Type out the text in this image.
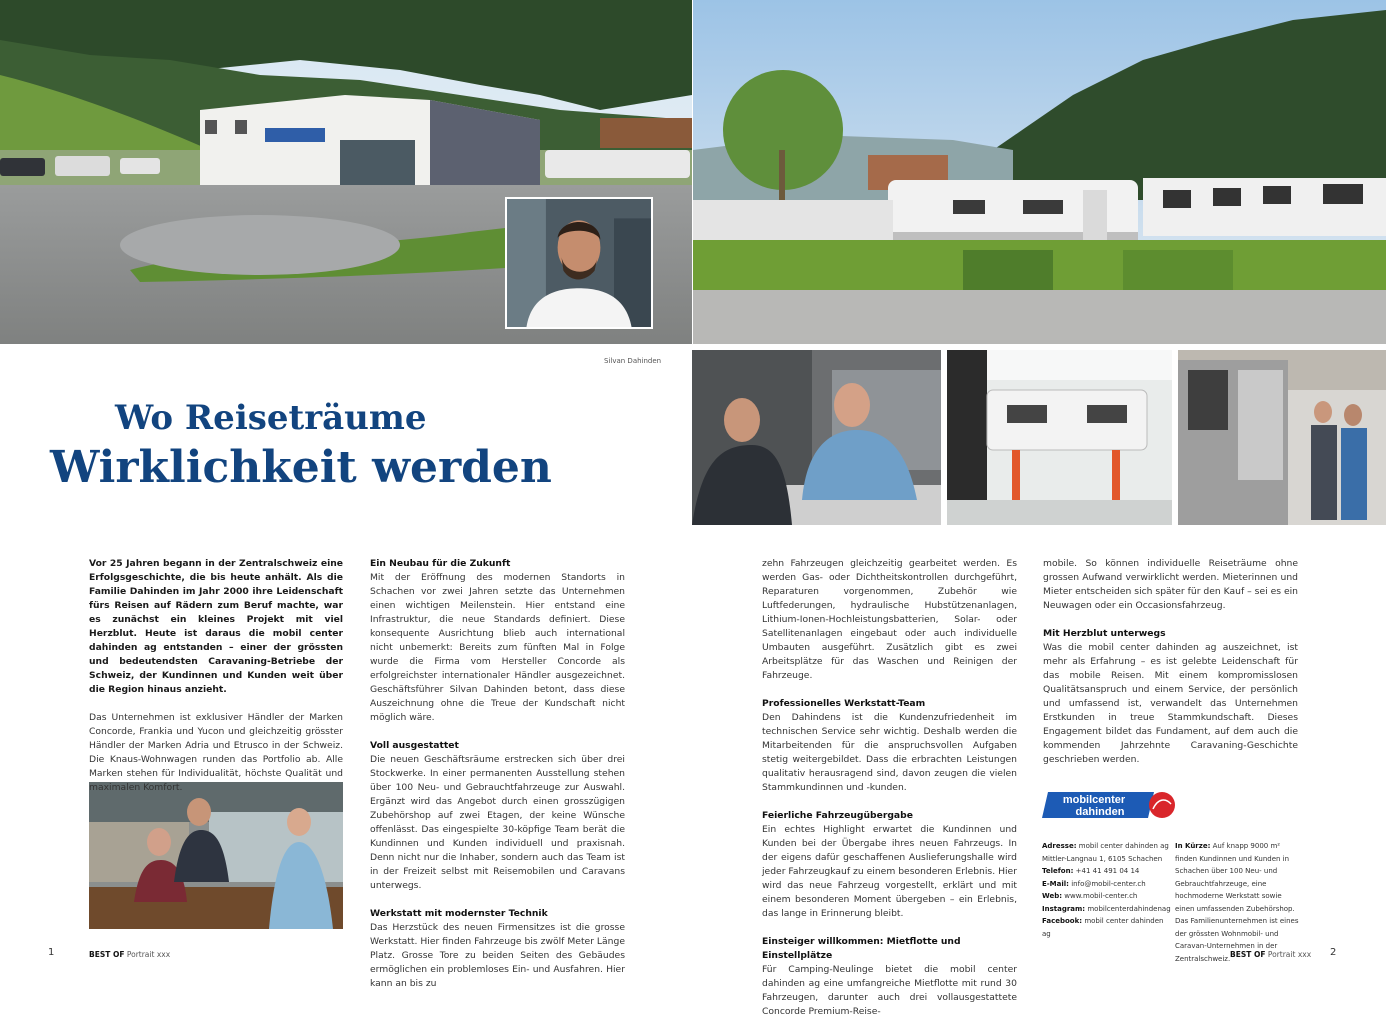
Silvan Dahinden
Wo Reiseträume
Wirklichkeit werden

Vor 25 Jahren begann in der Zentralschweiz eine Erfolgsgeschichte, die bis heute anhält. Als die Familie Dahinden im Jahr 2000 ihre Leidenschaft fürs Reisen auf Rädern zum Beruf machte, war es zunächst ein kleines Projekt mit viel Herzblut. Heute ist daraus die mobil center dahinden ag entstanden – einer der grössten und bedeutendsten Caravaning-Betriebe der Schweiz, der Kundinnen und Kunden weit über die Region hinaus anzieht.

Das Unternehmen ist exklusiver Händler der Marken Concorde, Frankia und Yucon und gleichzeitig grösster Händler der Marken Adria und Etrusco in der Schweiz. Die Knaus-Wohnwagen runden das Portfolio ab. Alle Marken stehen für Individualität, höchste Qualität und maximalen Komfort.

Ein Neubau für die Zukunft

Mit der Eröffnung des modernen Standorts in Schachen vor zwei Jahren setzte das Unternehmen einen wichtigen Meilenstein. Hier entstand eine Infrastruktur, die neue Standards definiert. Diese konsequente Ausrichtung blieb auch international nicht unbemerkt: Bereits zum fünften Mal in Folge wurde die Firma vom Hersteller Concorde als erfolgreichster internationaler Händler ausgezeichnet. Geschäftsführer Silvan Dahinden betont, dass diese Auszeichnung ohne die Treue der Kundschaft nicht möglich wäre.

Voll ausgestattet

Die neuen Geschäftsräume erstrecken sich über drei Stockwerke. In einer permanenten Ausstellung stehen über 100 Neu- und Gebrauchtfahrzeuge zur Auswahl. Ergänzt wird das Angebot durch einen grosszügigen Zubehörshop auf zwei Etagen, der keine Wünsche offenlässt. Das eingespielte 30-köpfige Team berät die Kundinnen und Kunden individuell und praxisnah. Denn nicht nur die Inhaber, sondern auch das Team ist in der Freizeit selbst mit Reisemobilen und Caravans unterwegs.

Werkstatt mit modernster Technik

Das Herzstück des neuen Firmensitzes ist die grosse Werkstatt. Hier finden Fahrzeuge bis zwölf Meter Länge Platz. Grosse Tore zu beiden Seiten des Gebäudes ermöglichen ein problemloses Ein- und Ausfahren. Hier kann an bis zu

zehn Fahrzeugen gleichzeitig gearbeitet werden. Es werden Gas- oder Dichtheitskontrollen durchgeführt, Reparaturen vorgenommen, Zubehör wie Luftfederungen, hydraulische Hubstützenanlagen, Lithium-Ionen-Hochleistungsbatterien, Solar- oder Satellitenanlagen eingebaut oder auch individuelle Umbauten ausgeführt. Zusätzlich gibt es zwei Arbeitsplätze für das Waschen und Reinigen der Fahrzeuge.

Professionelles Werkstatt-Team

Den Dahindens ist die Kundenzufriedenheit im technischen Service sehr wichtig. Deshalb werden die Mitarbeitenden für die anspruchsvollen Aufgaben stetig weitergebildet. Dass die erbrachten Leistungen qualitativ herausragend sind, davon zeugen die vielen Stammkundinnen und -kunden.

Feierliche Fahrzeugübergabe

Ein echtes Highlight erwartet die Kundinnen und Kunden bei der Übergabe ihres neuen Fahrzeugs. In der eigens dafür geschaffenen Auslieferungshalle wird jeder Fahrzeugkauf zu einem besonderen Erlebnis. Hier wird das neue Fahrzeug vorgestellt, erklärt und mit einem besonderen Moment übergeben – ein Erlebnis, das lange in Erinnerung bleibt.

Einsteiger willkommen: Mietflotte und Einstellplätze

Für Camping-Neulinge bietet die mobil center dahinden ag eine umfangreiche Mietflotte mit rund 30 Fahrzeugen, darunter auch drei vollausgestattete Concorde Premium-Reise-

mobile. So können individuelle Reiseträume ohne grossen Aufwand verwirklicht werden. Mieterinnen und Mieter entscheiden sich später für den Kauf – sei es ein Neuwagen oder ein Occasionsfahrzeug.

Mit Herzblut unterwegs

Was die mobil center dahinden ag auszeichnet, ist mehr als Erfahrung – es ist gelebte Leidenschaft für das mobile Reisen. Mit einem kompromisslosen Qualitätsanspruch und einem Service, der persönlich und umfassend ist, verwandelt das Unternehmen Erstkunden in treue Stammkundschaft. Dieses Engagement bildet das Fundament, auf dem auch die kommenden Jahrzehnte Caravaning-Geschichte geschrieben werden.

mobilcenter
dahinden
Adresse: mobil center dahinden ag
Mittler-Langnau 1, 6105 Schachen
Telefon: +41 41 491 04 14
E-Mail: info@mobil-center.ch
Web: www.mobil-center.ch
Instagram: mobilcenterdahindenag
Facebook: mobil center dahinden ag
In Kürze: Auf knapp 9000 m² finden Kundinnen und Kunden in Schachen über 100 Neu- und Gebrauchtfahrzeuge, eine hochmoderne Werkstatt sowie einen umfassenden Zubehörshop. Das Familienunternehmen ist eines der grössten Wohnmobil- und Caravan-Unternehmen in der Zentralschweiz.
1	BEST OF Portrait xxx	BEST OF Portrait xxx 2
